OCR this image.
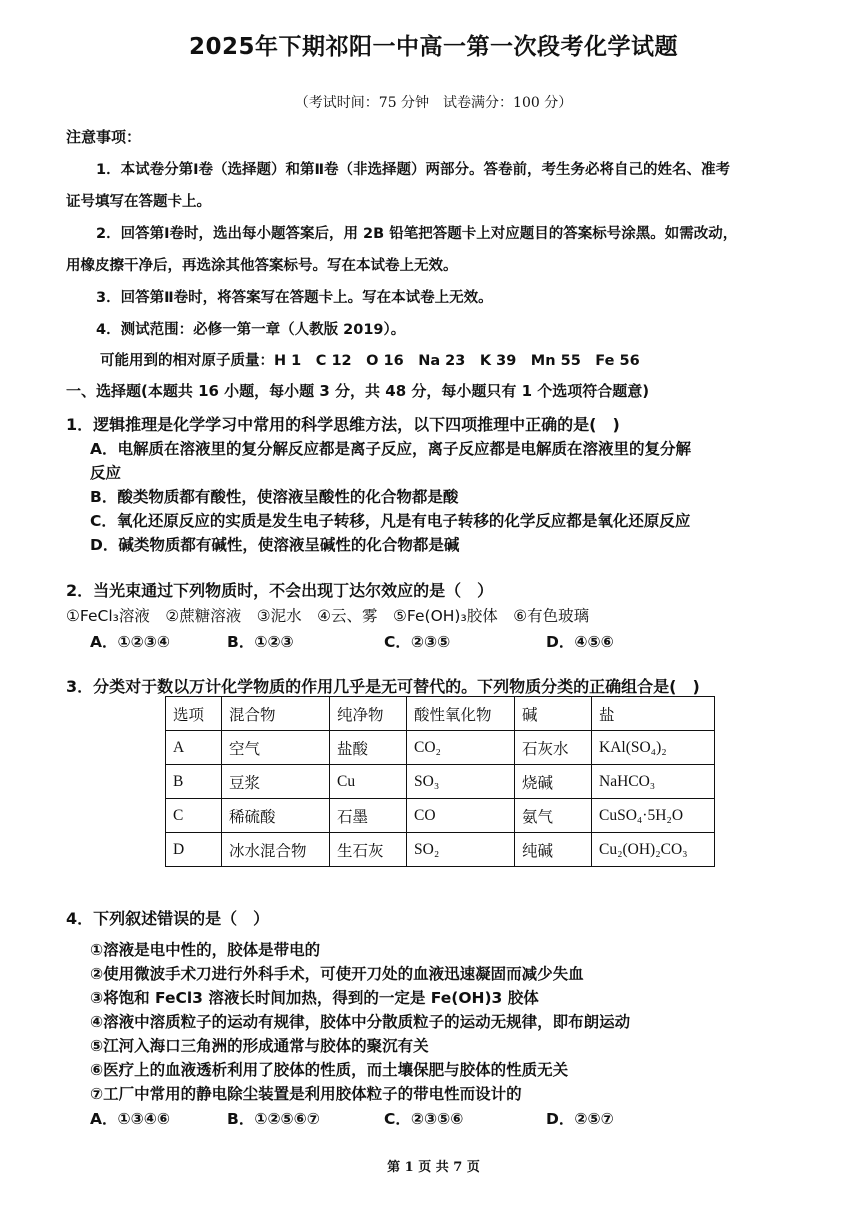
2025年下期祁阳一中高一第一次段考化学试题
（考试时间：75 分钟　试卷满分：100 分）
注意事项：
1．本试卷分第Ⅰ卷（选择题）和第Ⅱ卷（非选择题）两部分。答卷前，考生务必将自己的姓名、准考
证号填写在答题卡上。
2．回答第Ⅰ卷时，选出每小题答案后，用 2B 铅笔把答题卡上对应题目的答案标号涂黑。如需改动，
用橡皮擦干净后，再选涂其他答案标号。写在本试卷上无效。
3．回答第Ⅱ卷时，将答案写在答题卡上。写在本试卷上无效。
4．测试范围：必修一第一章（人教版 2019）。
可能用到的相对原子质量：H 1　C 12　O 16　Na 23　K 39　Mn 55　Fe 56
一、选择题(本题共 16 小题，每小题 3 分，共 48 分，每小题只有 1 个选项符合题意)
1．逻辑推理是化学学习中常用的科学思维方法，以下四项推理中正确的是(　)
A．电解质在溶液里的复分解反应都是离子反应，离子反应都是电解质在溶液里的复分解
反应
B．酸类物质都有酸性，使溶液呈酸性的化合物都是酸
C．氧化还原反应的实质是发生电子转移，凡是有电子转移的化学反应都是氧化还原反应
D．碱类物质都有碱性，使溶液呈碱性的化合物都是碱
2．当光束通过下列物质时，不会出现丁达尔效应的是（　）
①FeCl₃溶液　②蔗糖溶液　③泥水　④云、雾　⑤Fe(OH)₃胶体　⑥有色玻璃
A．①②③④	B．①②③	C．②③⑤	D．④⑤⑥
3．分类对于数以万计化学物质的作用几乎是无可替代的。下列物质分类的正确组合是(　)
选项	混合物	纯净物	酸性氧化物	碱	盐
A	空气	盐酸	CO₂	石灰水	KAl(SO₄)₂
B	豆浆	Cu	SO₃	烧碱	NaHCO₃
C	稀硫酸	石墨	CO	氨气	CuSO₄·5H₂O
D	冰水混合物	生石灰	SO₂	纯碱	Cu₂(OH)₂CO₃
4．下列叙述错误的是（　）
①溶液是电中性的，胶体是带电的
②使用微波手术刀进行外科手术，可使开刀处的血液迅速凝固而减少失血
③将饱和 FeCl3 溶液长时间加热，得到的一定是 Fe(OH)3 胶体
④溶液中溶质粒子的运动有规律，胶体中分散质粒子的运动无规律，即布朗运动
⑤江河入海口三角洲的形成通常与胶体的聚沉有关
⑥医疗上的血液透析利用了胶体的性质，而土壤保肥与胶体的性质无关
⑦工厂中常用的静电除尘装置是利用胶体粒子的带电性而设计的
A．①③④⑥	B．①②⑤⑥⑦	C．②③⑤⑥	D．②⑤⑦
第 1 页 共 7 页
